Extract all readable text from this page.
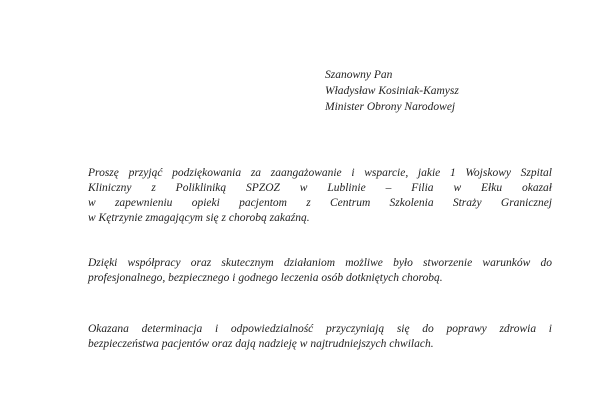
Szanowny Pan
Władysław Kosiniak-Kamysz
Minister Obrony Narodowej
Proszę przyjąć podziękowania za zaangażowanie i wsparcie, jakie 1 Wojskowy Szpital
Kliniczny z Polikliniką SPZOZ w Lublinie – Filia w Ełku okazał
w zapewnieniu opieki pacjentom z Centrum Szkolenia Straży Granicznej
w Kętrzynie zmagającym się z chorobą zakaźną.
Dzięki współpracy oraz skutecznym działaniom możliwe było stworzenie warunków do
profesjonalnego, bezpiecznego i godnego leczenia osób dotkniętych chorobą.
Okazana determinacja i odpowiedzialność przyczyniają się do poprawy zdrowia i
bezpieczeństwa pacjentów oraz dają nadzieję w najtrudniejszych chwilach.
